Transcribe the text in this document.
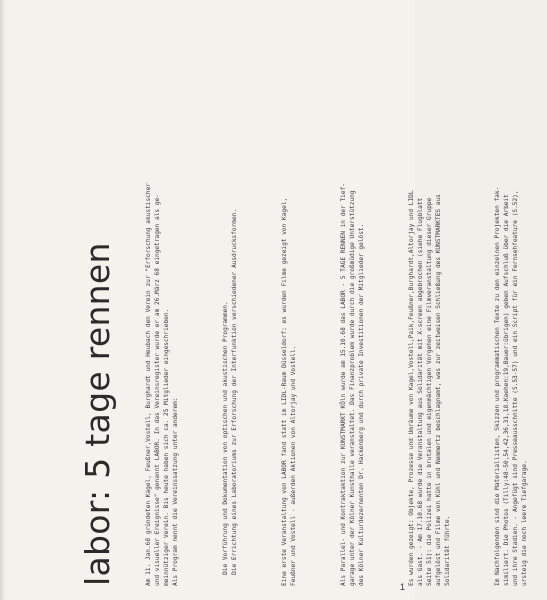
labor: 5 tage rennen

	Am 11. Jan.68 gründeten Kagel, Feußner,Vostell, Burghardt und Heubach den Verein zur "Erforschung akustischer und visueller Ereignisse" genannt LABOR. In das Vereinsregister wurde er am 26.März 68 eingetragen als ge- meinnütziger Verein. Bis heute haben sich ca. 25 Mitglieder eingeschrieben. Als Program nennt die Vereinssatzung unter anderem:

	Die Vorführung und Dokumentation von optischen und akustischen Programmen.
Die Errichtung eines Laboratoriums zur Erforschung der Interfunktion verschiedener Ausdrucksformen.

	Eine erste Veranstaltung von LABOR fand statt im LIDL-Raum Düsseldorf: es wurden Filme gezeigt von Kagel, Feußner und Vostell - außerden Aktionen von Altorjay und Vostell.

	Als Parallel- und Kontraktaktion zur KUNSTMARKT KÖln wurde am 15.10.68 das LABOR - 5 TAGE RENNEN in der Tief- garage unter der Kölner Kunsthalle veranstaltet. Das Finanzproblem wurde durch die großmüdige Unterstützung des Kölner Kulturdezernenten Dr. Hackenberg und durch private Investitionen der Mitglieder gelöst.

	Es wurden gezeigt: Objekte, Prozesse und Umräume von Kagel,Vostell,Paik,Feußner,Burghardt,Altorjay und LIDL als Gast. - Am 17.10.68 wurde die Veranstaltung aus Solidarität mit X-screen abgebrochen (siehe Flugblatt Seite 51): die Polizei hatte in brutalen und eigenmächtigen Vorgehen eine Filmveranstaltung dieser Gruppe aufgelöst und Filme von Kühl und Nemmertz beschlagnamt, was zur zeitweisen Schließung des KUNSTMARKTES aus Solidarität führte.

	Im Nachfolgenden sind die Materiallisten, Skizzen und programmatischen Texte zu den einzelnen Projekten fak- similiert. Die Photos (Tilly:48-50,54,42,36,31,18.Kaehen:19,Bauer:übrigen) geben Aufschluß über die Arbeit und ihre Stadien. - Angefügt sind Presseausschnitte (S.53-57) und ein Script für ein Fernsehfeature (S.52), ursteig die noch leere Tiefgarage.

1
